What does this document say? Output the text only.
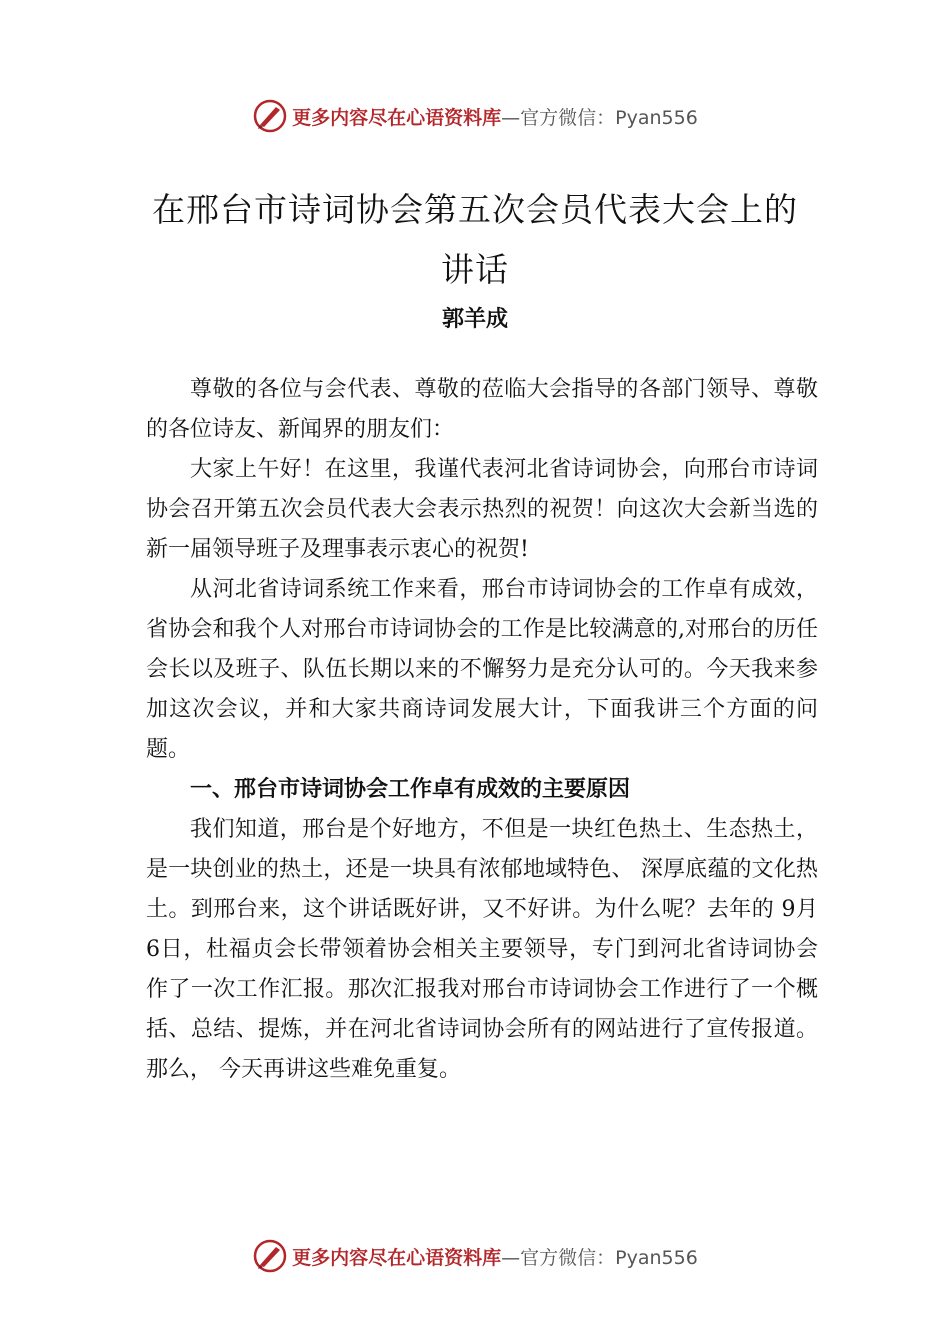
更多内容尽在心语资料库 —官方微信：Pyan556
在邢台市诗词协会第五次会员代表大会上的讲话
郭羊成

尊敬的各位与会代表、尊敬的莅临大会指导的各部门领导、尊敬的各位诗友、新闻界的朋友们：

大家上午好！在这里，我谨代表河北省诗词协会，向邢台市诗词协会召开第五次会员代表大会表示热烈的祝贺！向这次大会新当选的新一届领导班子及理事表示衷心的祝贺!

从河北省诗词系统工作来看，邢台市诗词协会的工作卓有成效，省协会和我个人对邢台市诗词协会的工作是比较满意的,对邢台的历任会长以及班子、队伍长期以来的不懈努力是充分认可的。今天我来参加这次会议，并和大家共商诗词发展大计，下面我讲三个方面的问题。

一、邢台市诗词协会工作卓有成效的主要原因

我们知道，邢台是个好地方，不但是一块红色热土、生态热土，是一块创业的热土，还是一块具有浓郁地域特色、 深厚底蕴的文化热土。到邢台来，这个讲话既好讲，又不好讲。为什么呢？去年的 9月 6日，杜福贞会长带领着协会相关主要领导，专门到河北省诗词协会作了一次工作汇报。那次汇报我对邢台市诗词协会工作进行了一个概括、总结、提炼，并在河北省诗词协会所有的网站进行了宣传报道。那么， 今天再讲这些难免重复。

更多内容尽在心语资料库 —官方微信：Pyan556
